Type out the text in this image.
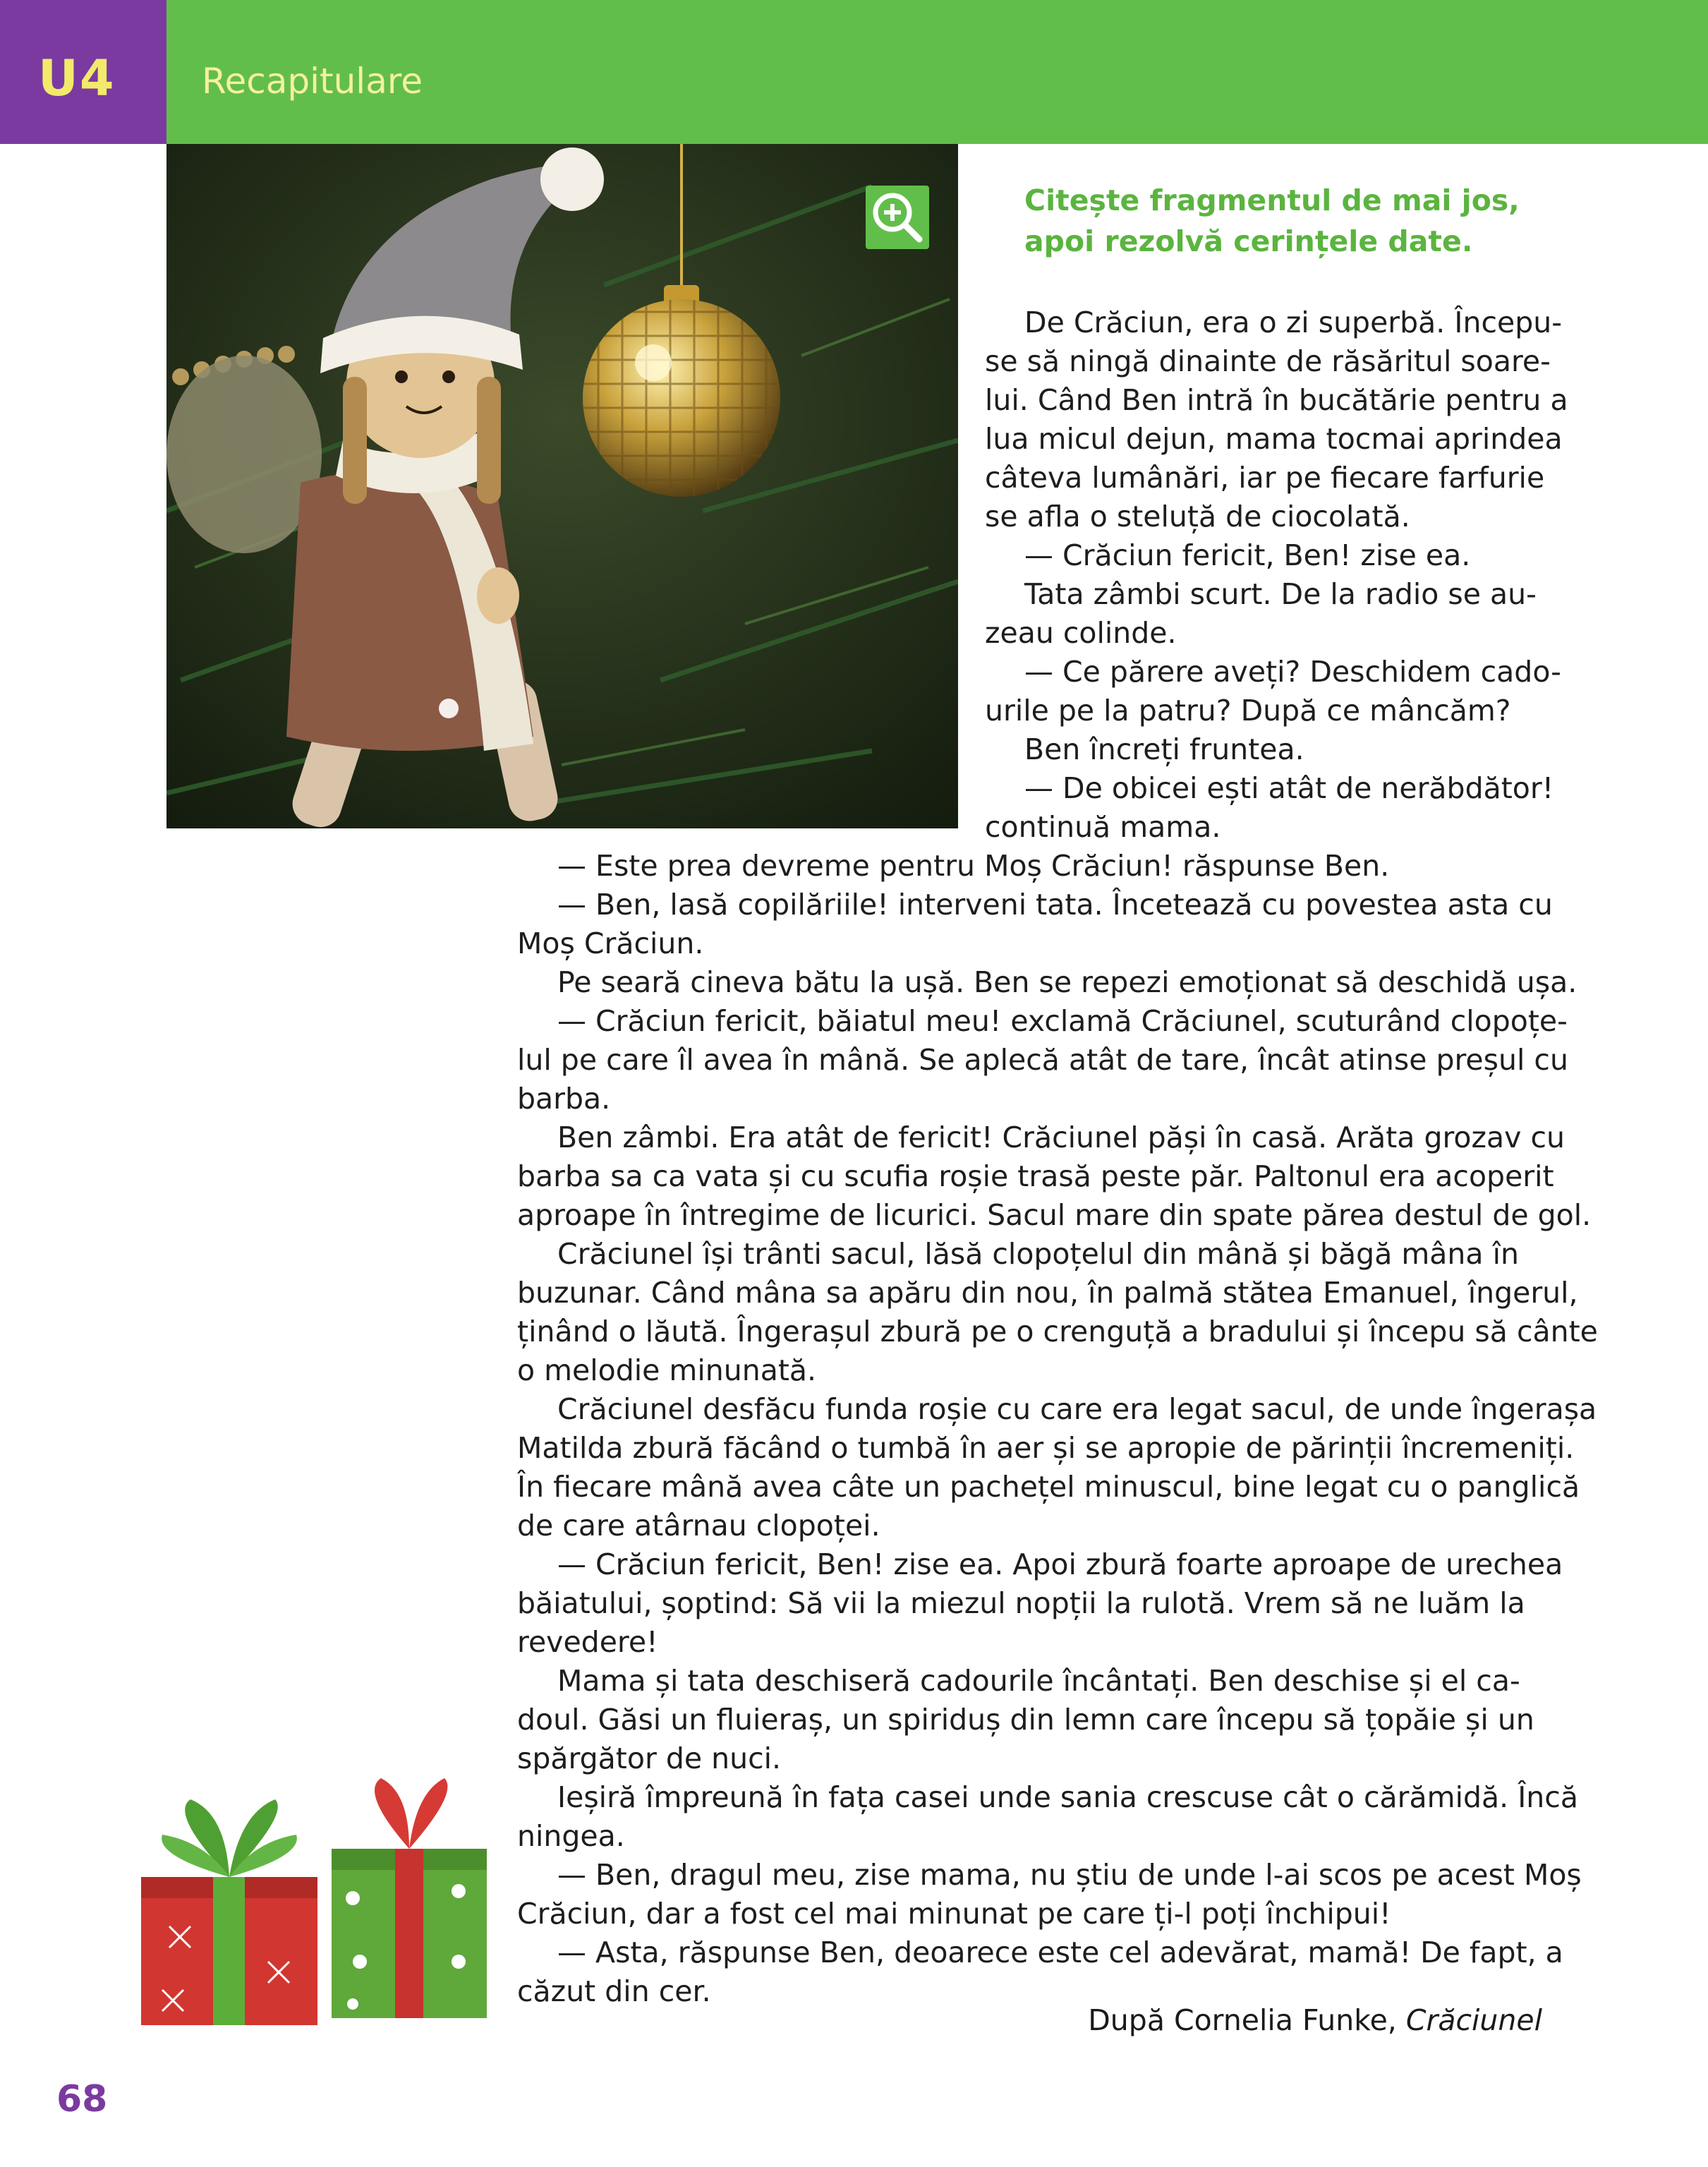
U4 Recapitulare
Citește fragmentul de mai jos, apoi rezolvă cerințele date.

De Crăciun, era o zi superbă. Începu-

se să ningă dinainte de răsăritul soare-

lui. Când Ben intră în bucătărie pentru a

lua micul dejun, mama tocmai aprindea

câteva lumânări, iar pe fiecare farfurie

se afla o steluță de ciocolată.

— Crăciun fericit, Ben! zise ea.

Tata zâmbi scurt. De la radio se au-

zeau colinde.

— Ce părere aveți? Deschidem cado-

urile pe la patru? După ce mâncăm?

Ben încreți fruntea.

— De obicei ești atât de nerăbdător!

continuă mama.

— Este prea devreme pentru Moș Crăciun! răspunse Ben.

— Ben, lasă copilăriile! interveni tata. Încetează cu povestea asta cu

Moș Crăciun.

Pe seară cineva bătu la ușă. Ben se repezi emoționat să deschidă ușa.

— Crăciun fericit, băiatul meu! exclamă Crăciunel, scuturând clopoțe-

lul pe care îl avea în mână. Se aplecă atât de tare, încât atinse preșul cu

barba.

Ben zâmbi. Era atât de fericit! Crăciunel păși în casă. Arăta grozav cu

barba sa ca vata și cu scufia roșie trasă peste păr. Paltonul era acoperit

aproape în întregime de licurici. Sacul mare din spate părea destul de gol.

Crăciunel își trânti sacul, lăsă clopoțelul din mână și băgă mâna în

buzunar. Când mâna sa apăru din nou, în palmă stătea Emanuel, îngerul,

ținând o lăută. Îngerașul zbură pe o crenguță a bradului și începu să cânte

o melodie minunată.

Crăciunel desfăcu funda roșie cu care era legat sacul, de unde îngerașa

Matilda zbură făcând o tumbă în aer și se apropie de părinții încremeniți.

În fiecare mână avea câte un pachețel minuscul, bine legat cu o panglică

de care atârnau clopoței.

— Crăciun fericit, Ben! zise ea. Apoi zbură foarte aproape de urechea

băiatului, șoptind: Să vii la miezul nopții la rulotă. Vrem să ne luăm la

revedere!

Mama și tata deschiseră cadourile încântați. Ben deschise și el ca-

doul. Găsi un fluieraș, un spiriduș din lemn care începu să țopăie și un

spărgător de nuci.

Ieșiră împreună în fața casei unde sania crescuse cât o cărămidă. Încă

ningea.

— Ben, dragul meu, zise mama, nu știu de unde l-ai scos pe acest Moș

Crăciun, dar a fost cel mai minunat pe care ți-l poți închipui!

— Asta, răspunse Ben, deoarece este cel adevărat, mamă! De fapt, a

căzut din cer.

După Cornelia Funke, Crăciunel
68
